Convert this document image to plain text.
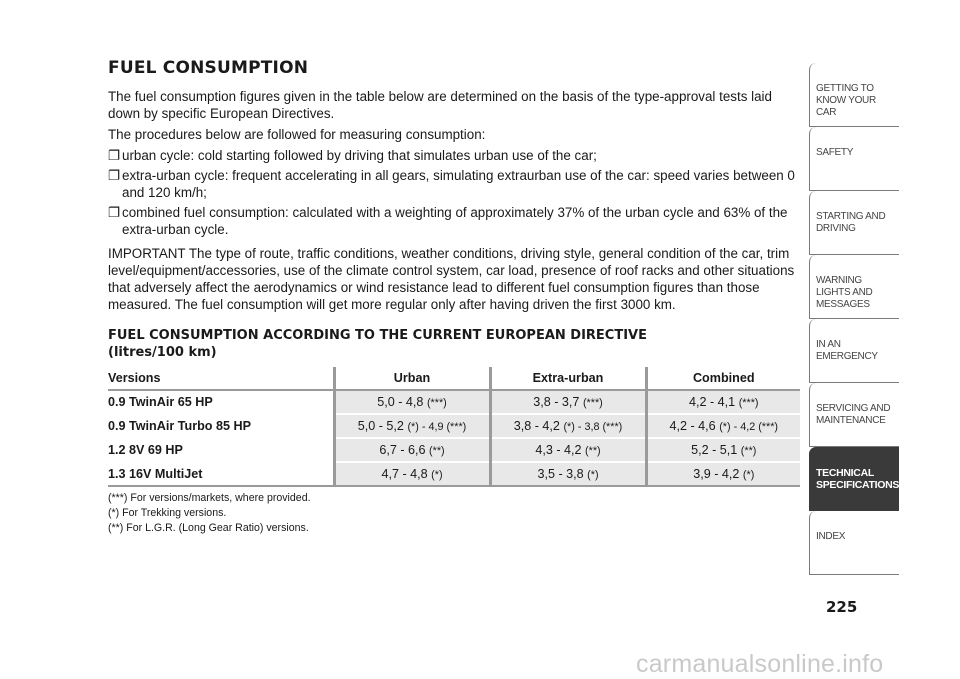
FUEL CONSUMPTION

The fuel consumption figures given in the table below are determined on the basis of the type-approval tests laid down by specific European Directives.

The procedures below are followed for measuring consumption:

❐ urban cycle: cold starting followed by driving that simulates urban use of the car;
❐ extra-urban cycle: frequent accelerating in all gears, simulating extraurban use of the car: speed varies between 0 and 120 km/h;
❐ combined fuel consumption: calculated with a weighting of approximately 37% of the urban cycle and 63% of the extra-urban cycle.

IMPORTANT The type of route, traffic conditions, weather conditions, driving style, general condition of the car, trim level/equipment/accessories, use of the climate control system, car load, presence of roof racks and other situations that adversely affect the aerodynamics or wind resistance lead to different fuel consumption figures than those measured. The fuel consumption will get more regular only after having driven the first 3000 km.

FUEL CONSUMPTION ACCORDING TO THE CURRENT EUROPEAN DIRECTIVE
(litres/100 km)
Versions	Urban	Extra-urban	Combined
0.9 TwinAir 65 HP	5,0 - 4,8 (***)	3,8 - 3,7 (***)	4,2 - 4,1 (***)
0.9 TwinAir Turbo 85 HP	5,0 - 5,2 (*) - 4,9 (***)	3,8 - 4,2 (*) - 3,8 (***)	4,2 - 4,6 (*) - 4,2 (***)
1.2 8V 69 HP	6,7 - 6,6 (**)	4,3 - 4,2 (**)	5,2 - 5,1 (**)
1.3 16V MultiJet	4,7 - 4,8 (*)	3,5 - 3,8 (*)	3,9 - 4,2 (*)
(***) For versions/markets, where provided.
(*) For Trekking versions.
(**) For L.G.R. (Long Gear Ratio) versions.
GETTING TO KNOW YOUR CAR
SAFETY
STARTING AND DRIVING
WARNING LIGHTS AND MESSAGES
IN AN EMERGENCY
SERVICING AND MAINTENANCE
TECHNICAL SPECIFICATIONS
INDEX
225
carmanualsonline.info
